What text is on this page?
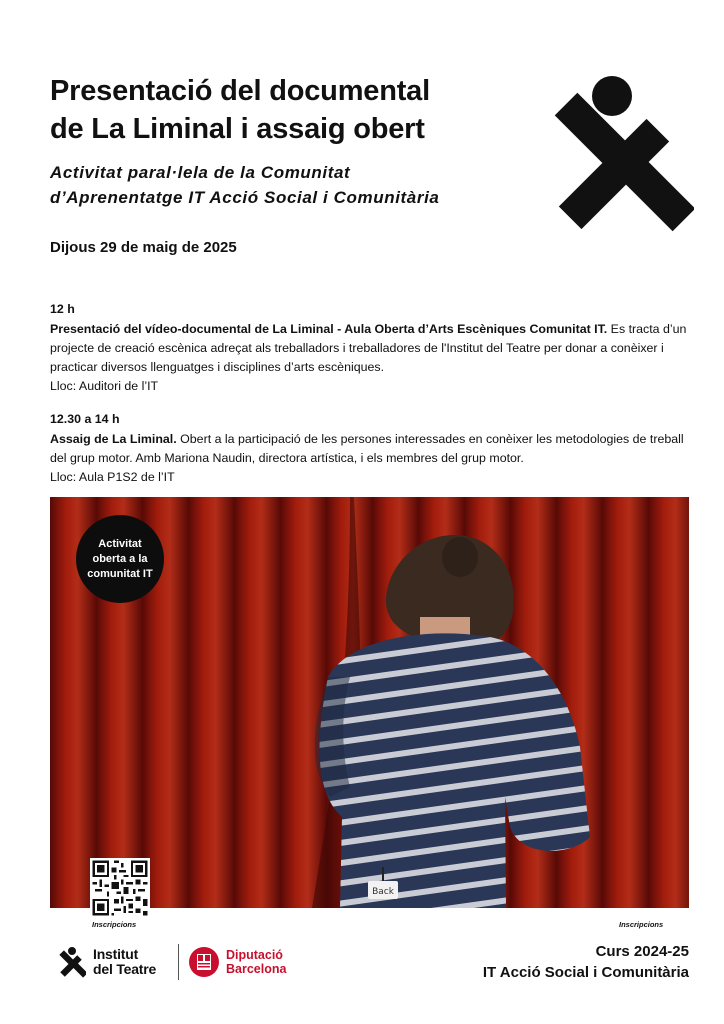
Presentació del documental
de La Liminal i assaig obert
Activitat paral·lela de la Comunitat
d’Aprenentatge IT Acció Social i Comunitària
Dijous 29 de maig de 2025

12 h

Presentació del vídeo-documental de La Liminal - Aula Oberta d’Arts Escèniques Comunitat IT. Es tracta d’un projecte de creació escènica adreçat als treballadors i treballadores de l'Institut del Teatre per donar a conèixer i practicar diversos llenguatges i disciplines d’arts escèniques.

Lloc: Auditori de l’IT

12.30 a 14 h

Assaig de La Liminal. Obert a la participació de les persones interessades en conèixer les metodologies de treball del grup motor. Amb Mariona Naudin, directora artística, i els membres del grup motor.

Lloc: Aula P1S2 de l’IT

Back
Activitat
oberta a la
comunitat IT
Inscripcions	Inscripcions
Institut
del Teatre
Diputació
Barcelona
Curs 2024-25
IT Acció Social i Comunitària
